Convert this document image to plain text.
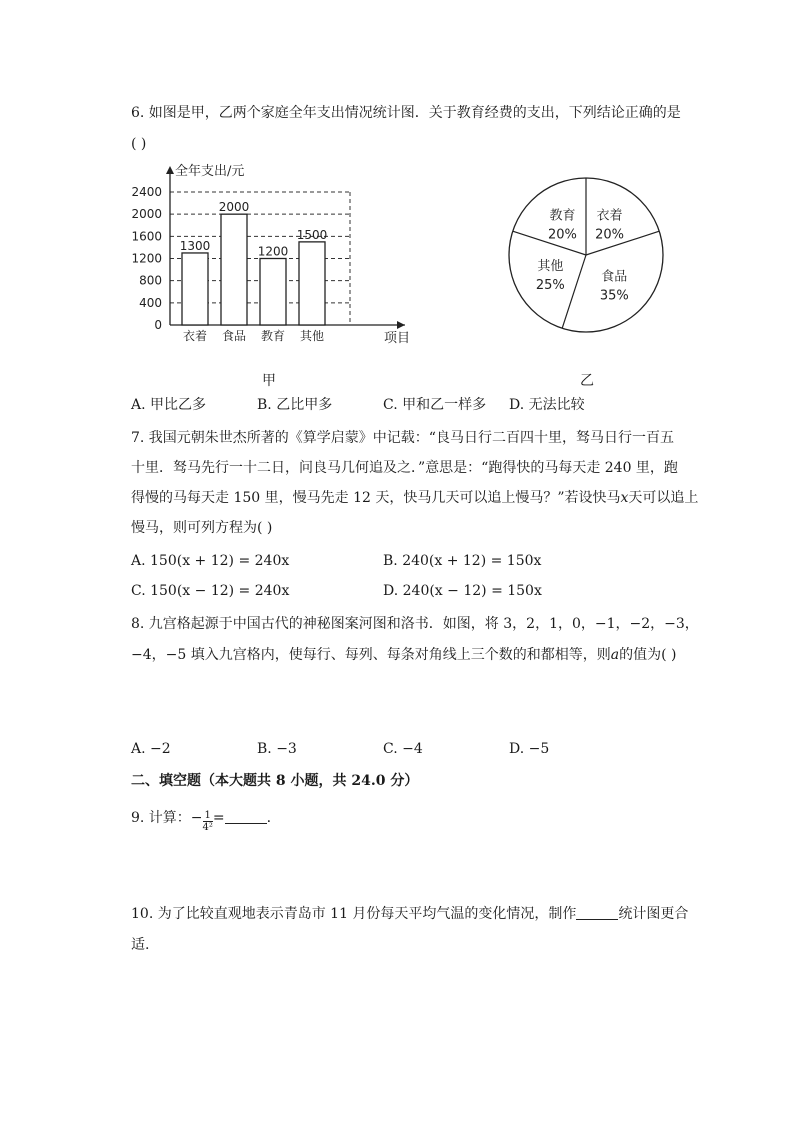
6. 如图是甲，乙两个家庭全年支出情况统计图．关于教育经费的支出，下列结论正确的是
( )
0
400
800
1200
1600
2000
2400
1300
衣着
2000
食品
1200
教育
1500
其他
全年支出/元
项目
甲
衣着
20%
食品
35%
其他
25%
教育
20%
乙
A. 甲比乙多	B. 乙比甲多	C. 甲和乙一样多 D. 无法比较
7. 我国元朝朱世杰所著的《算学启蒙》中记载：“良马日行二百四十里，驽马日行一百五
十里．驽马先行一十二日，问良马几何追及之．”意思是：“跑得快的马每天走 240 里，跑
得慢的马每天走 150 里，慢马先走 12 天，快马几天可以追上慢马？”若设快马x天可以追上
慢马，则可列方程为( )
A. 150(x + 12) = 240x	B. 240(x + 12) = 150x
C. 150(x − 12) = 240x	D. 240(x − 12) = 150x
8. 九宫格起源于中国古代的神秘图案河图和洛书．如图，将 3，2，1，0，−1，−2，−3，
−4，−5 填入九宫格内，使每行、每列、每条对角线上三个数的和都相等，则a的值为( )
A. −2	B. −3	C. −4	D. −5
二、填空题（本大题共 8 小题，共 24.0 分）
9. 计算：− $\frac{1}{\text{4²}}$ =	.
10. 为了比较直观地表示青岛市 11 月份每天平均气温的变化情况，制作	统计图更合
适.
